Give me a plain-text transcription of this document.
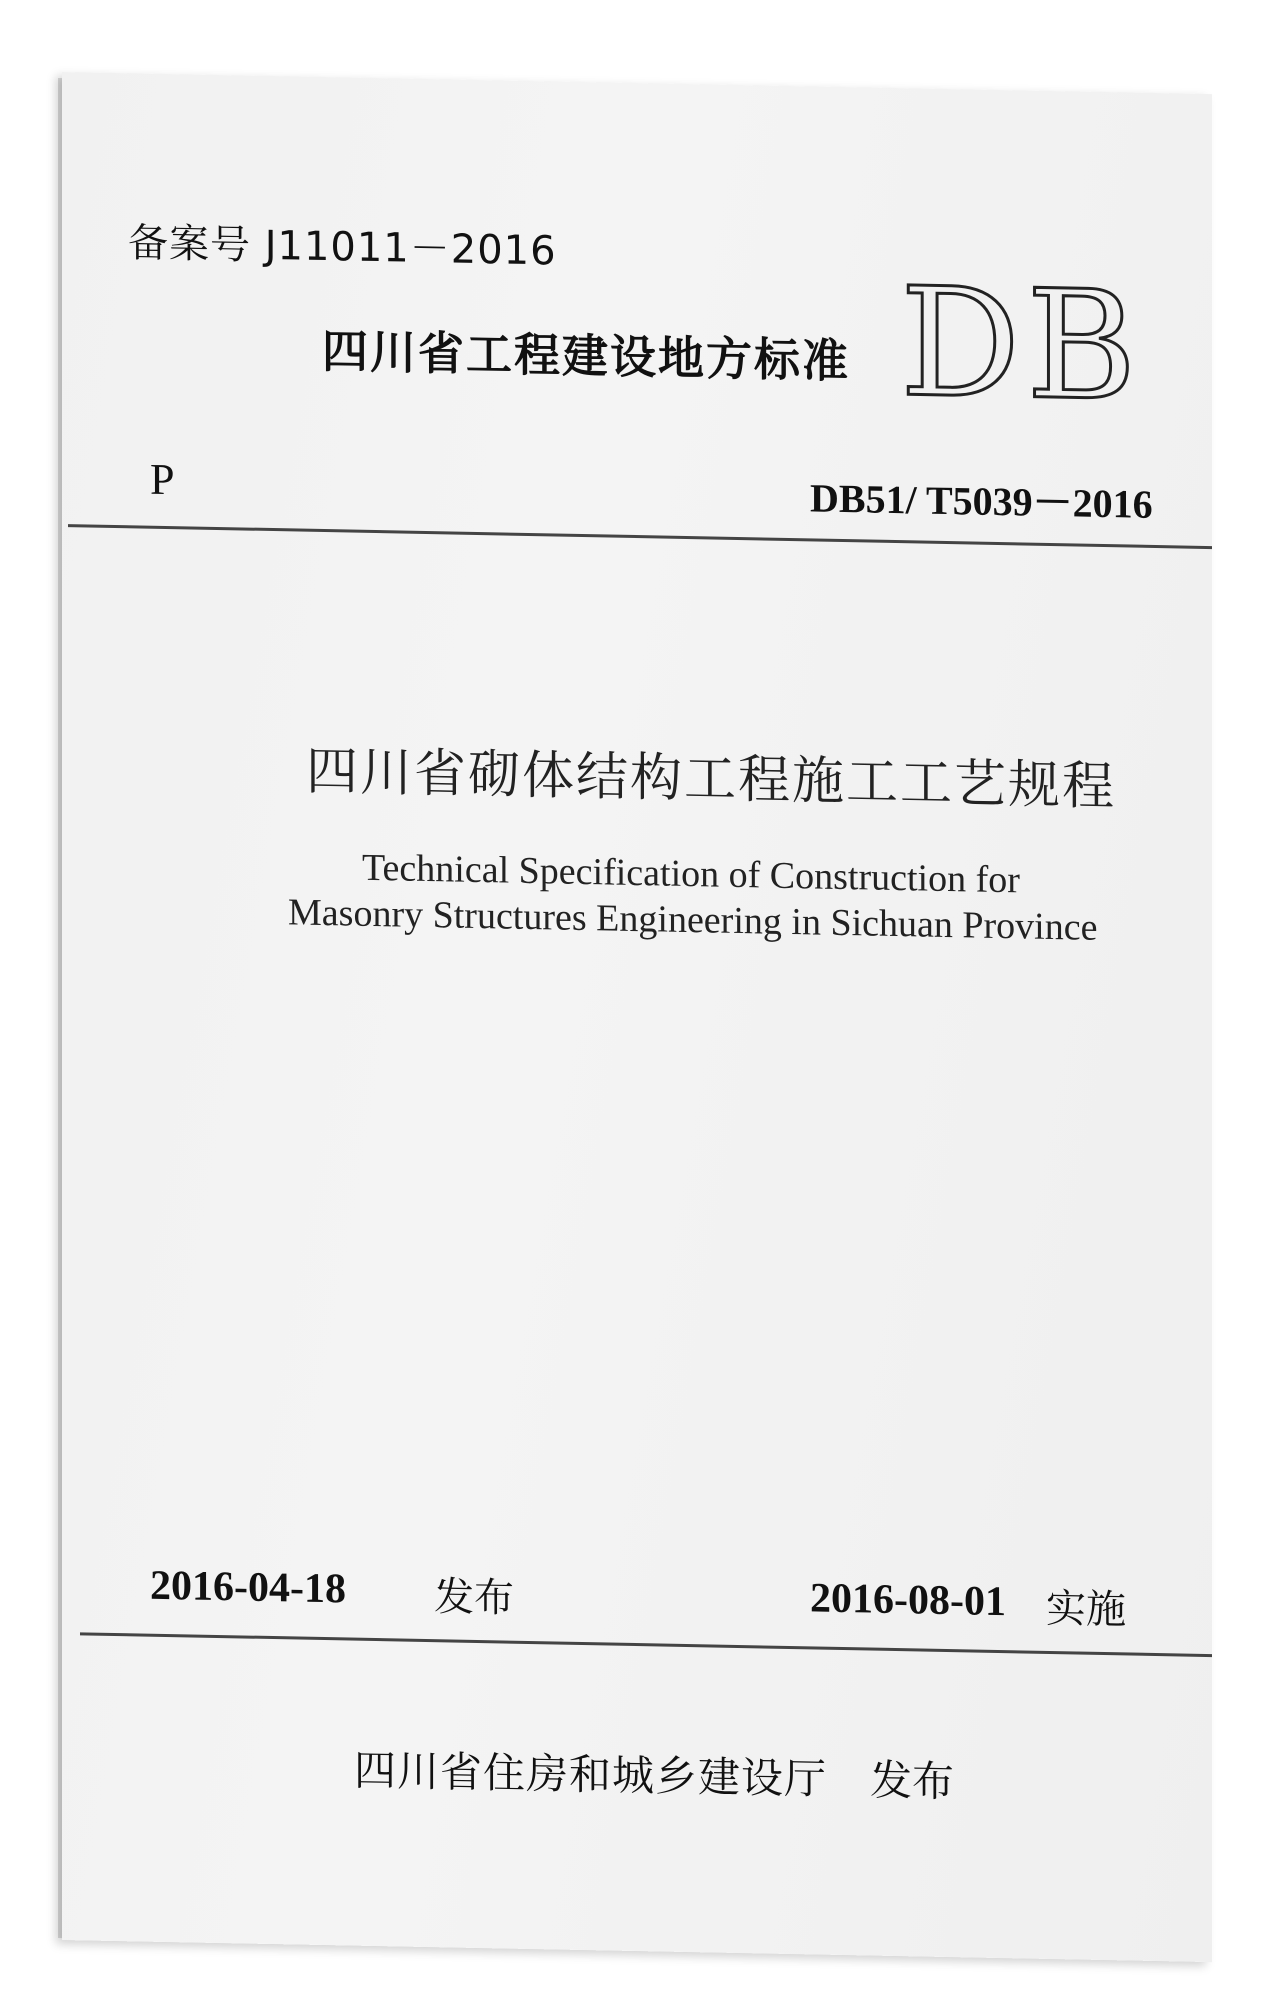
备案号 J11011－2016
四川省工程建设地方标准 DB
P	DB51/ T5039－2016
四川省砌体结构工程施工工艺规程
Technical Specification of Construction for
Masonry Structures Engineering in Sichuan Province
2016-04-18 发布	2016-08-01 实施
四川省住房和城乡建设厅 发布
